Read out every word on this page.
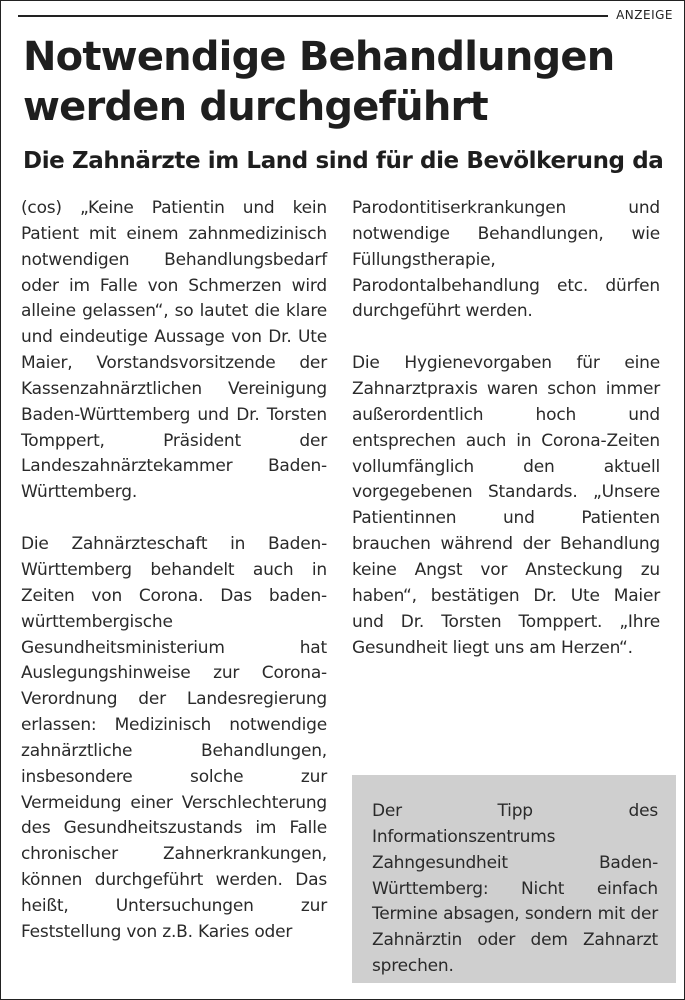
ANZEIGE
Notwendige Behandlungen werden durchgeführt
Die Zahnärzte im Land sind für die Bevölkerung da

(cos) „Keine Patientin und kein Patient mit einem zahnmedizinisch notwendigen Behandlungsbedarf oder im Falle von Schmerzen wird alleine gelassen“, so lautet die klare und eindeutige Aussage von Dr. Ute Maier, Vorstandsvorsitzende der Kassenzahnärztlichen Vereinigung Baden-Württemberg und Dr. Torsten Tomppert, Präsident der Landeszahnärztekammer Baden-Württemberg.

Die Zahnärzteschaft in Baden-Württemberg behandelt auch in Zeiten von Corona. Das baden-württembergische Gesundheitsministerium hat Auslegungshinweise zur Corona-Verordnung der Landesregierung erlassen: Medizinisch notwendige zahnärztliche Behandlungen, insbesondere solche zur Vermeidung einer Verschlechterung des Gesundheitszustands im Falle chronischer Zahnerkrankungen, können durchgeführt werden. Das heißt, Untersuchungen zur Feststellung von z.B. Karies oder

Parodontitiserkrankungen und notwendige Behandlungen, wie Füllungstherapie, Parodontalbehandlung etc. dürfen durchgeführt werden.

Die Hygienevorgaben für eine Zahnarztpraxis waren schon immer außerordentlich hoch und entsprechen auch in Corona-Zeiten vollumfänglich den aktuell vorgegebenen Standards. „Unsere Patientinnen und Patienten brauchen während der Behandlung keine Angst vor Ansteckung zu haben“, bestätigen Dr. Ute Maier und Dr. Torsten Tomppert. „Ihre Gesundheit liegt uns am Herzen“.

Der Tipp des Informationszentrums Zahngesundheit Baden-Württemberg: Nicht einfach Termine absagen, sondern mit der Zahnärztin oder dem Zahnarzt sprechen.
